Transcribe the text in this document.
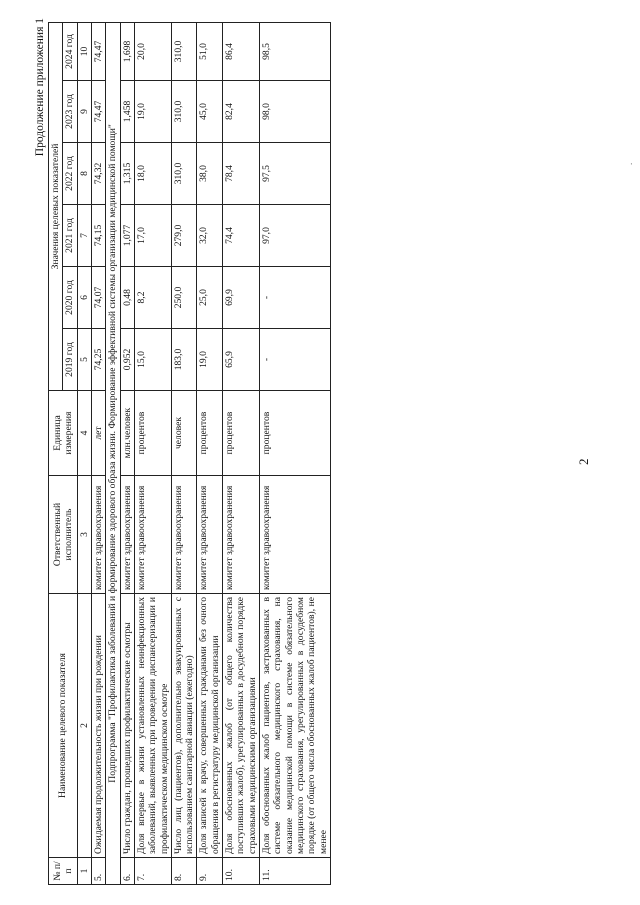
2
Продолжение приложения 1
№ п/п	Наименование целевого показателя	Ответственный исполнитель	Единица измерения	Значения целевых показателей					
				2019 год	2020 год	2021 год	2022 год	2023 год	2024 год
1	2	3	4	5	6	7	8	9	10
5.	Ожидаемая продолжительность жизни при рождении	комитет здравоохранения	лет	74,25	74,07	74,15	74,32	74,47	74,47
Подпрограмма "Профилактика заболеваний и формирование здорового образа жизни. Формирование эффективной системы организации медицинской помощи"									
6.	Число граждан, прошедших профилактические осмотры	комитет здравоохранения	млн.человек	0,952	0,48	1,077	1,315	1,458	1,698
7.	Доля впервые в жизни установленных неинфекционных заболеваний, выявленных при проведении диспансеризации и профилактическом медицинском осмотре	комитет здравоохранения	процентов	15,0	8,2	17,0	18,0	19,0	20,0
8.	Число лиц (пациентов), дополнительно эвакуированных с использованием санитарной авиации (ежегодно)	комитет здравоохранения	человек	183,0	250,0	279,0	310,0	310,0	310,0
9.	Доля записей к врачу, совершенных гражданами без очного обращения в регистратуру медицинской организации	комитет здравоохранения	процентов	19,0	25,0	32,0	38,0	45,0	51,0
10.	Доля обоснованных жалоб (от общего количества поступивших жалоб), урегулированных в досудебном порядке страховыми медицинскими организациями	комитет здравоохранения	процентов	65,9	69,9	74,4	78,4	82,4	86,4
11.	Доля обоснованных жалоб пациентов, застрахованных в системе обязательного медицинского страхования, на оказание медицинской помощи в системе обязательного медицинского страхования, урегулированных в досудебном порядке (от общего числа обоснованных жалоб пациентов), не менее	комитет здравоохранения	процентов	-	-	97,0	97,5	98,0	98,5
.
